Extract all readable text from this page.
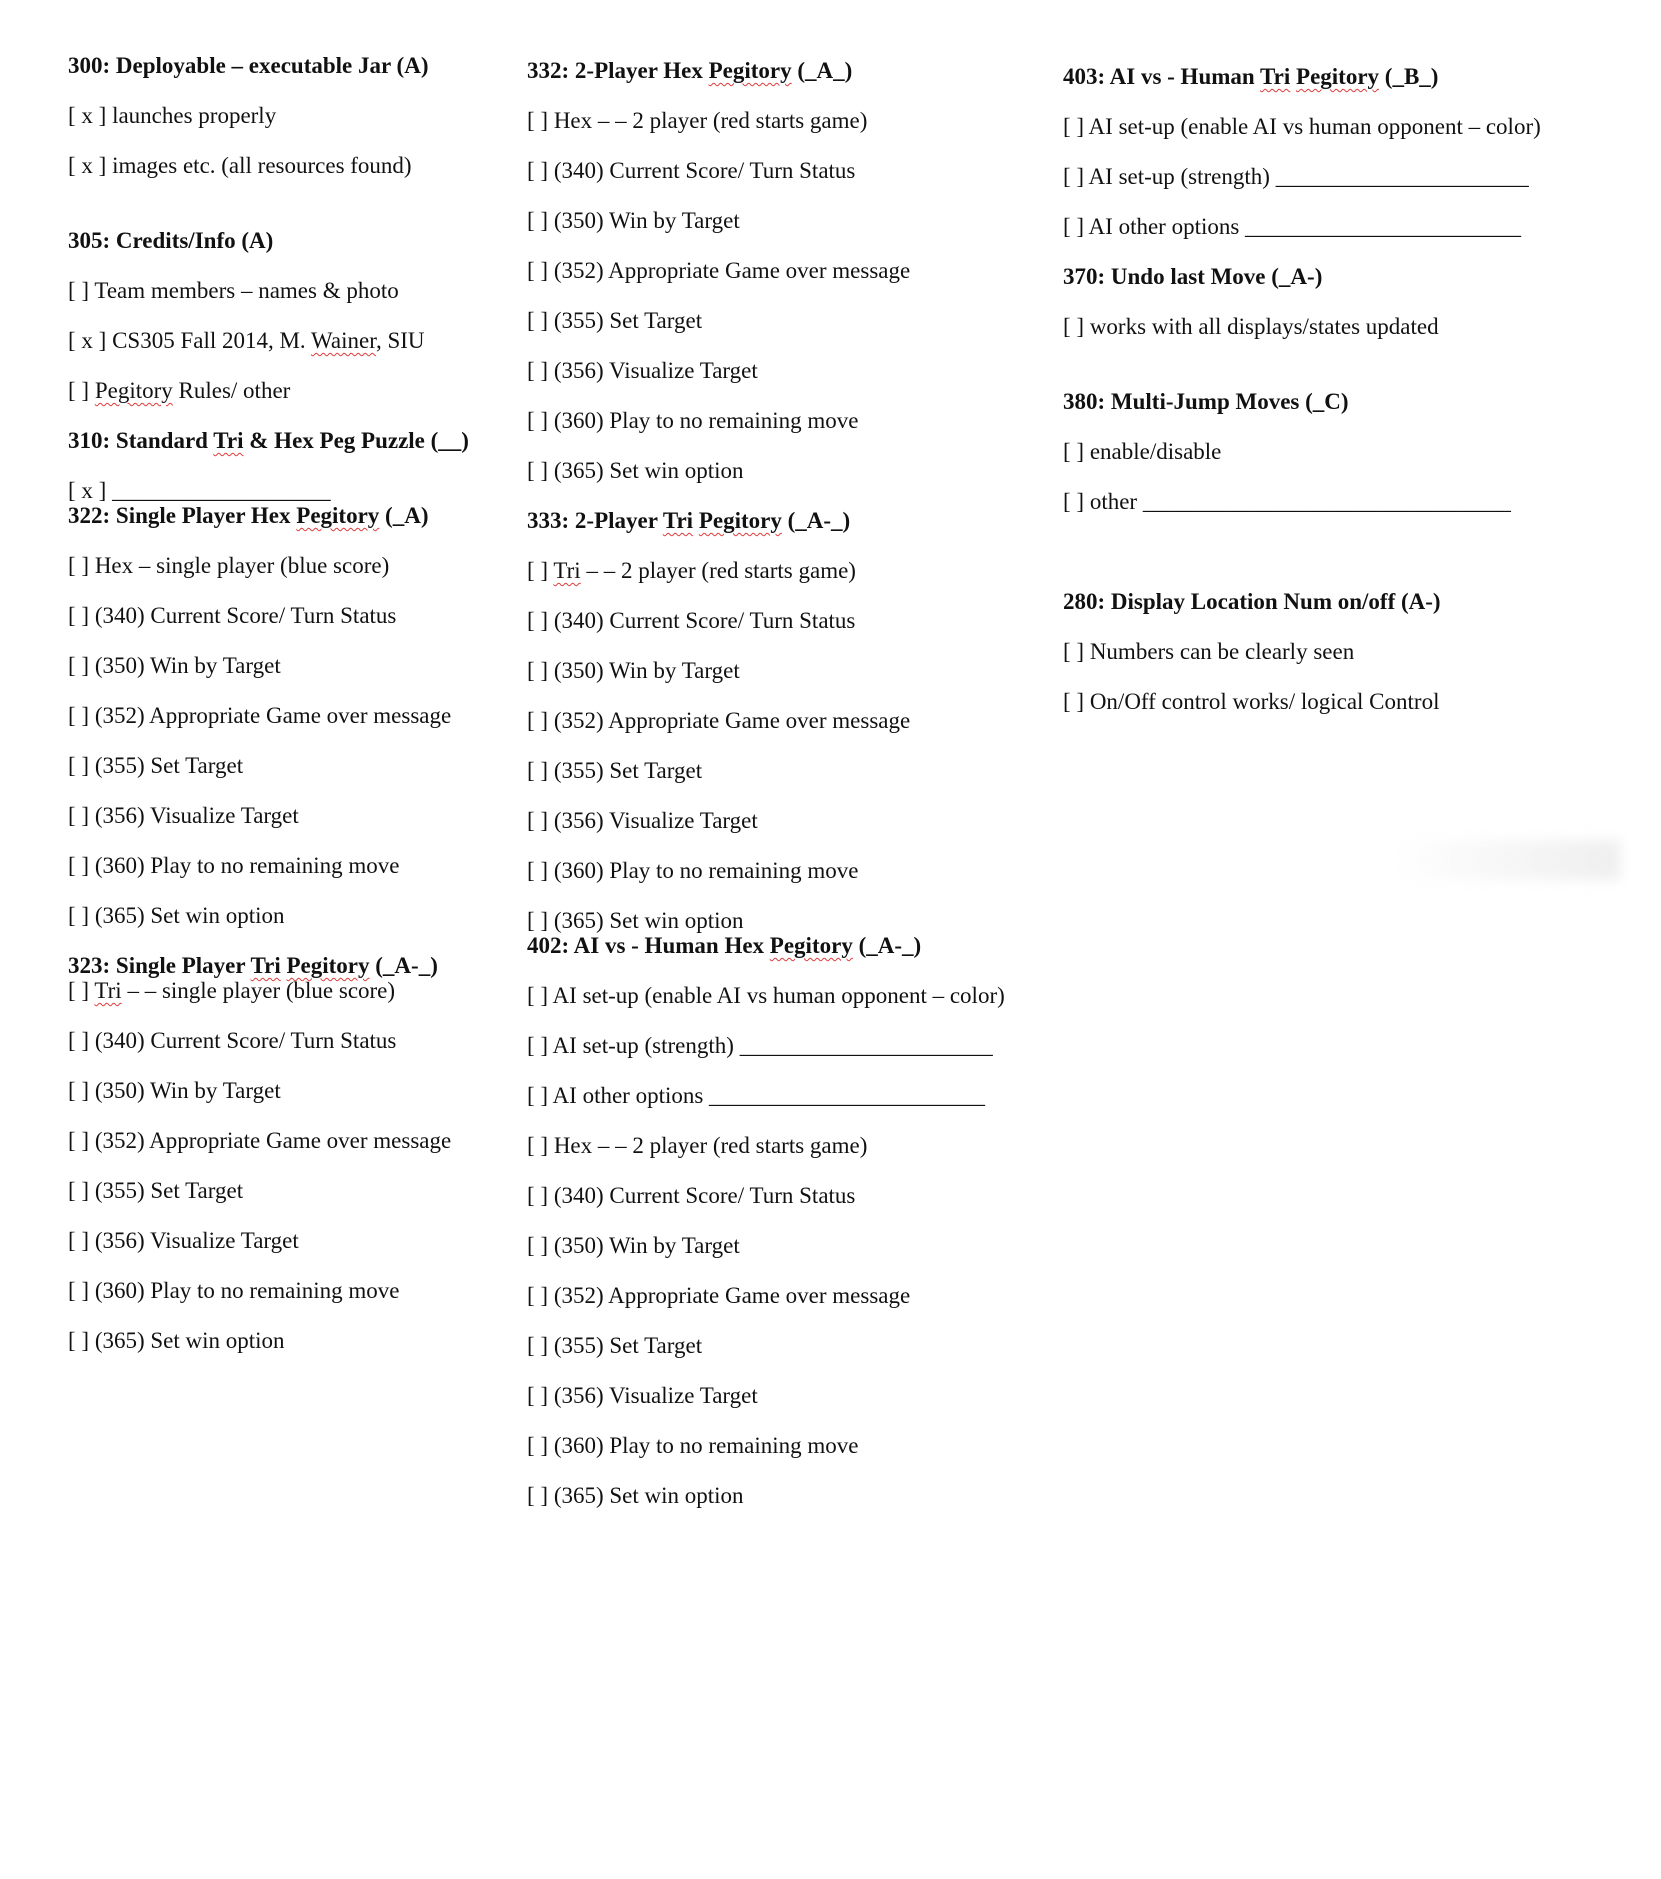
300: Deployable – executable Jar (A)
[ x ] launches properly
[ x ] images etc. (all resources found)
305: Credits/Info (A)
[ ] Team members – names & photo
[ x ] CS305 Fall 2014, M. Wainer, SIU
[ ] Pegitory Rules/ other
310: Standard Tri & Hex Peg Puzzle (__)
[ x ] ___________________
322: Single Player Hex Pegitory (_A)
[ ] Hex – single player (blue score)
[ ] (340) Current Score/ Turn Status
[ ] (350) Win by Target
[ ] (352) Appropriate Game over message
[ ] (355) Set Target
[ ] (356) Visualize Target
[ ] (360) Play to no remaining move
[ ] (365) Set win option
323: Single Player Tri Pegitory (_A-_)
[ ] Tri – – single player (blue score)
[ ] (340) Current Score/ Turn Status
[ ] (350) Win by Target
[ ] (352) Appropriate Game over message
[ ] (355) Set Target
[ ] (356) Visualize Target
[ ] (360) Play to no remaining move
[ ] (365) Set win option
332: 2-Player Hex Pegitory (_A_)
[ ] Hex – – 2 player (red starts game)
[ ] (340) Current Score/ Turn Status
[ ] (350) Win by Target
[ ] (352) Appropriate Game over message
[ ] (355) Set Target
[ ] (356) Visualize Target
[ ] (360) Play to no remaining move
[ ] (365) Set win option
333: 2-Player Tri Pegitory (_A-_)
[ ] Tri – – 2 player (red starts game)
[ ] (340) Current Score/ Turn Status
[ ] (350) Win by Target
[ ] (352) Appropriate Game over message
[ ] (355) Set Target
[ ] (356) Visualize Target
[ ] (360) Play to no remaining move
[ ] (365) Set win option
402: AI vs - Human Hex Pegitory (_A-_)
[ ] AI set-up (enable AI vs human opponent – color)
[ ] AI set-up (strength) ______________________
[ ] AI other options ________________________
[ ] Hex – – 2 player (red starts game)
[ ] (340) Current Score/ Turn Status
[ ] (350) Win by Target
[ ] (352) Appropriate Game over message
[ ] (355) Set Target
[ ] (356) Visualize Target
[ ] (360) Play to no remaining move
[ ] (365) Set win option
403: AI vs - Human Tri Pegitory (_B_)
[ ] AI set-up (enable AI vs human opponent – color)
[ ] AI set-up (strength) ______________________
[ ] AI other options ________________________
370: Undo last Move (_A-)
[ ] works with all displays/states updated
380: Multi-Jump Moves (_C)
[ ] enable/disable
[ ] other ________________________________
280: Display Location Num on/off (A-)
[ ] Numbers can be clearly seen
[ ] On/Off control works/ logical Control
